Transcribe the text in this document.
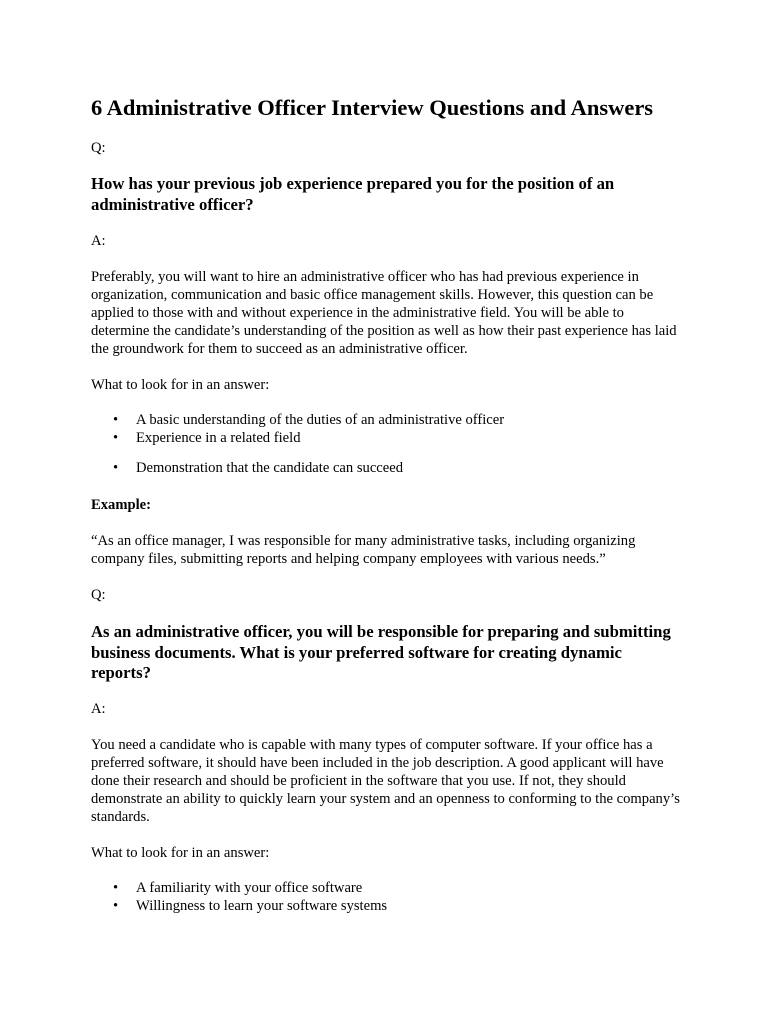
6 Administrative Officer Interview Questions and Answers

Q:

How has your previous job experience prepared you for the position of an administrative officer?

A:

Preferably, you will want to hire an administrative officer who has had previous experience in organization, communication and basic office management skills. However, this question can be applied to those with and without experience in the administrative field. You will be able to determine the candidate’s understanding of the position as well as how their past experience has laid the groundwork for them to succeed as an administrative officer.

What to look for in an answer:

• A basic understanding of the duties of an administrative officer
• Experience in a related field
• Demonstration that the candidate can succeed

Example:

“As an office manager, I was responsible for many administrative tasks, including organizing company files, submitting reports and helping company employees with various needs.”

Q:

As an administrative officer, you will be responsible for preparing and submitting business documents. What is your preferred software for creating dynamic reports?

A:

You need a candidate who is capable with many types of computer software. If your office has a preferred software, it should have been included in the job description. A good applicant will have done their research and should be proficient in the software that you use. If not, they should demonstrate an ability to quickly learn your system and an openness to conforming to the company’s standards.

What to look for in an answer:

• A familiarity with your office software
• Willingness to learn your software systems
